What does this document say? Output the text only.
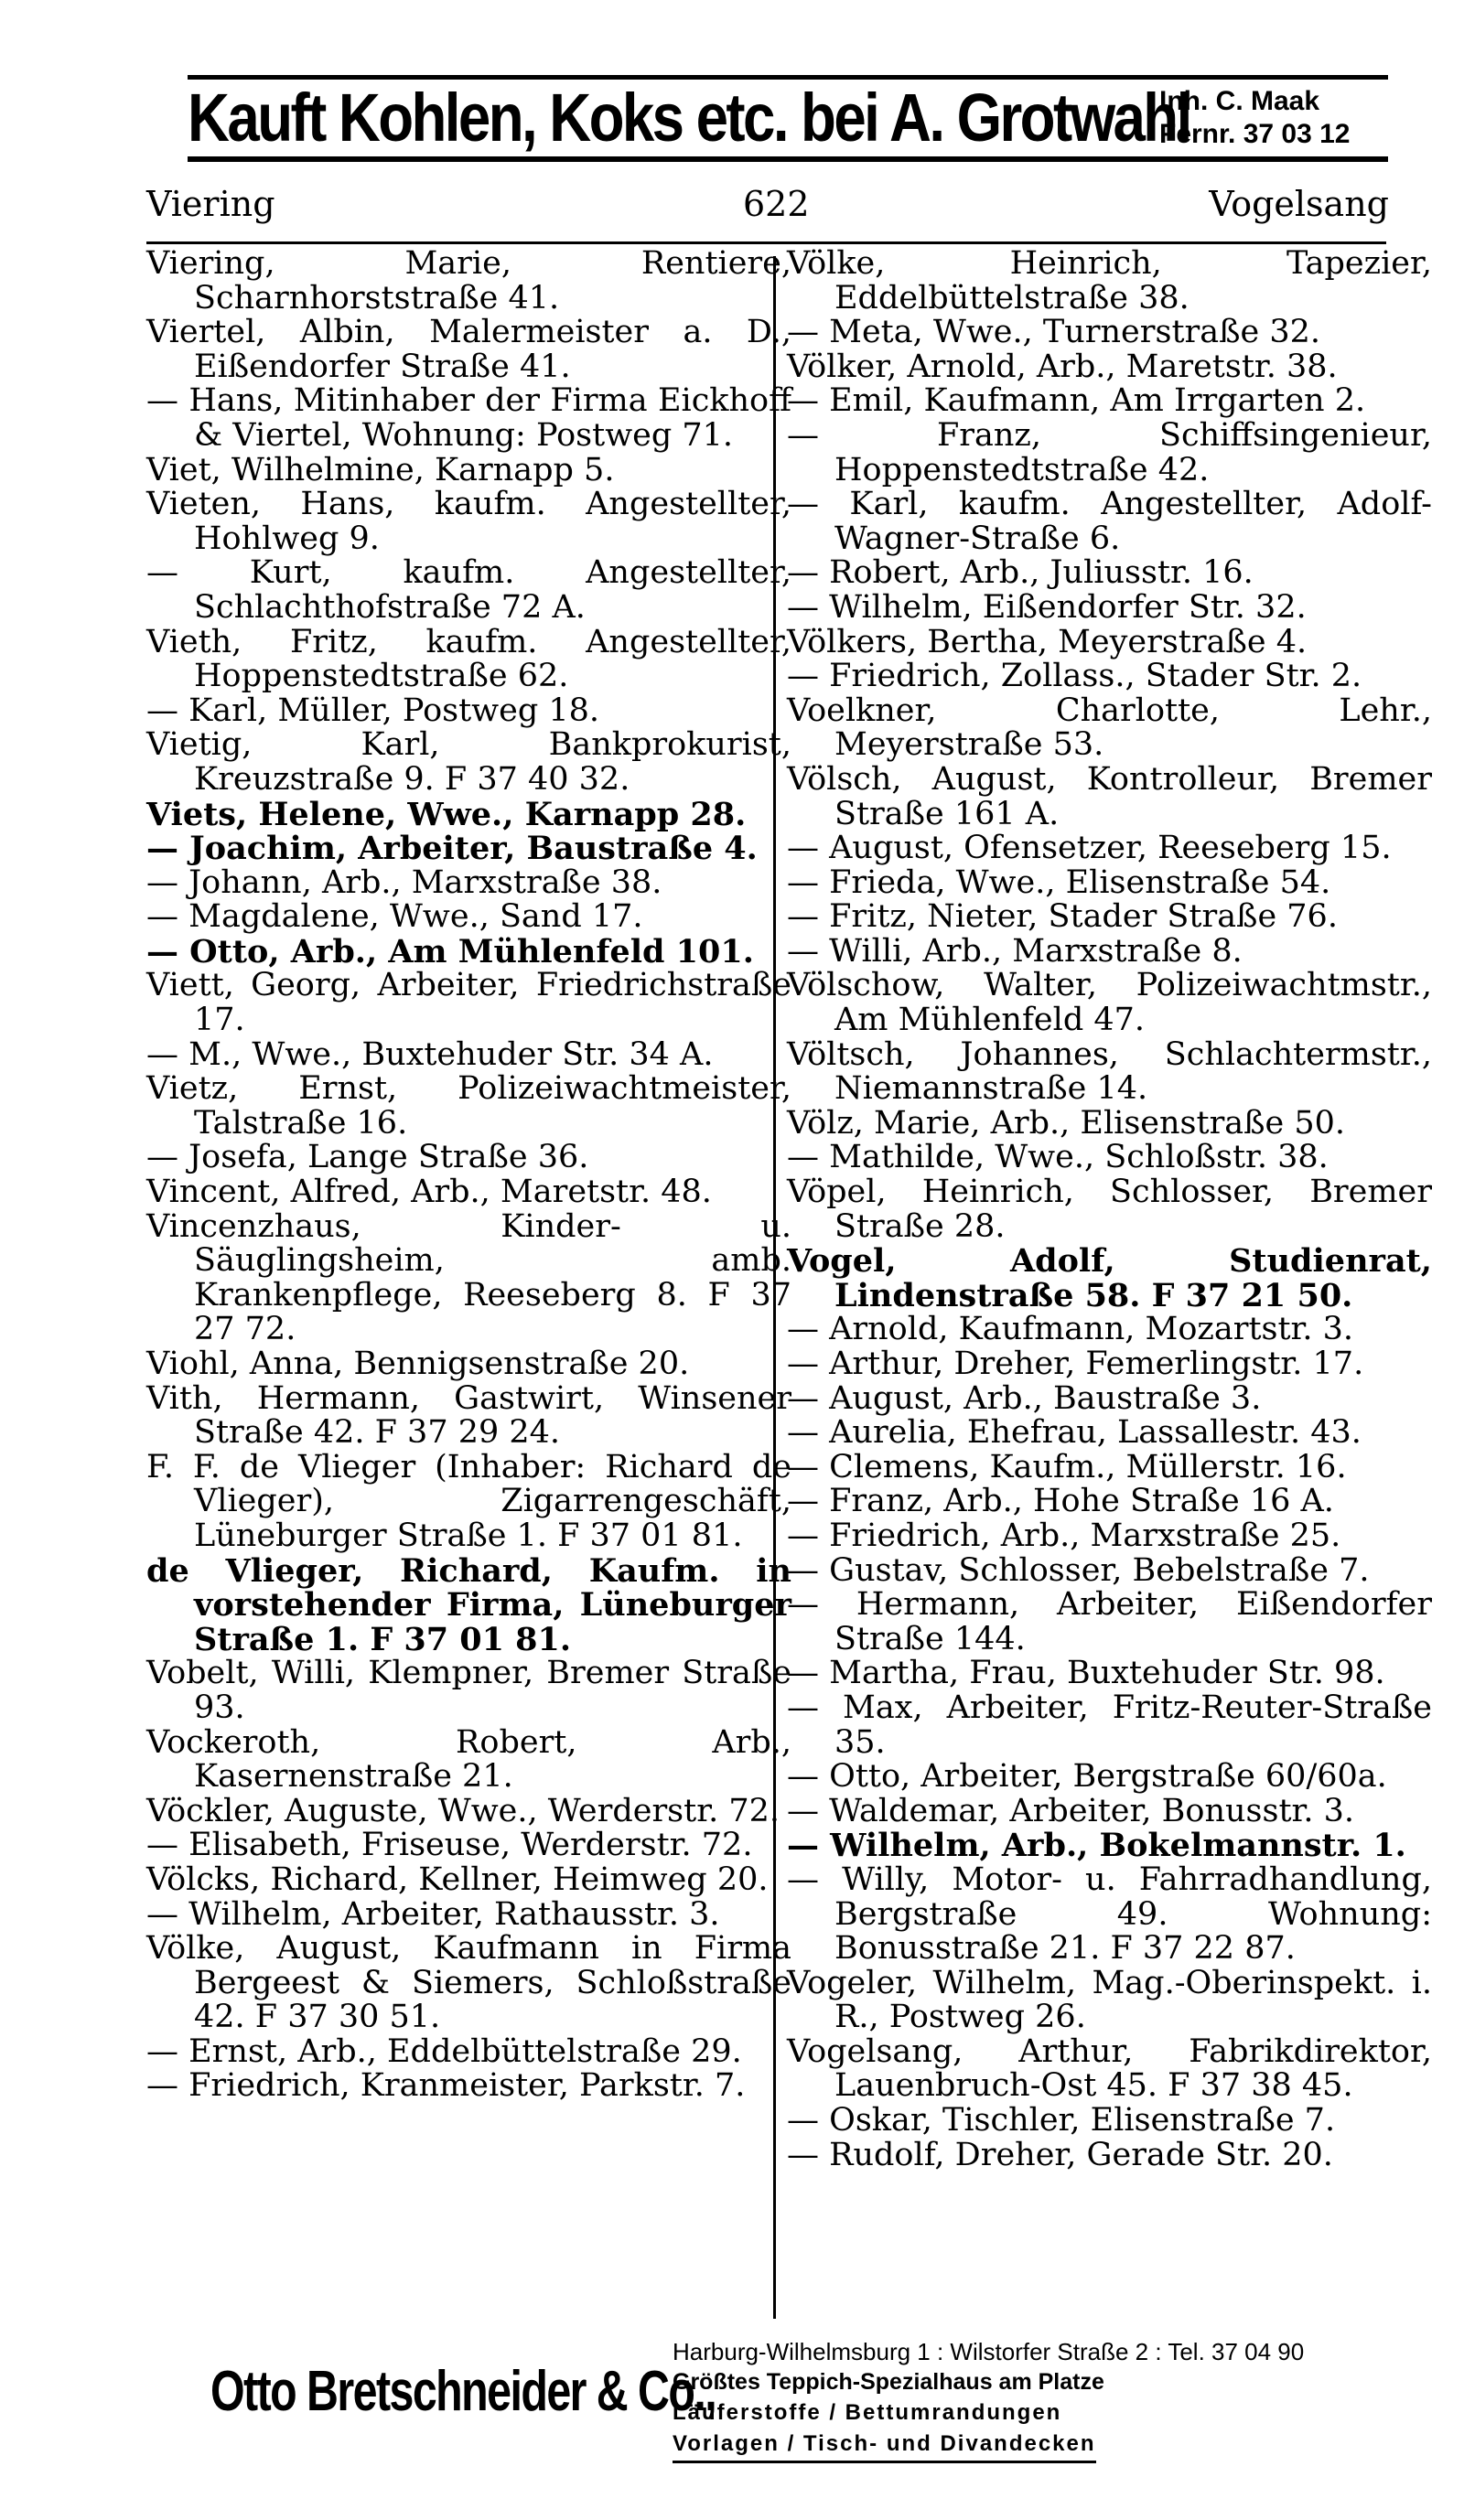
Kauft Kohlen, Koks etc. bei A. Grotwahl
Inh. C. Maak
Fernr. 37 03 12
Viering	622	Vogelsang
Viering, Marie, Rentiere, Scharnhorststraße 41.
Viertel, Albin, Malermeister a. D., Eißendorfer Straße 41.
— Hans, Mitinhaber der Firma Eickhoff & Viertel, Wohnung: Postweg 71.
Viet, Wilhelmine, Karnapp 5.
Vieten, Hans, kaufm. Angestellter, Hohlweg 9.
— Kurt, kaufm. Angestellter, Schlachthofstraße 72 A.
Vieth, Fritz, kaufm. Angestellter, Hoppenstedtstraße 62.
— Karl, Müller, Postweg 18.
Vietig, Karl, Bankprokurist, Kreuzstraße 9. F 37 40 32.
Viets, Helene, Wwe., Karnapp 28.
— Joachim, Arbeiter, Baustraße 4.
— Johann, Arb., Marxstraße 38.
— Magdalene, Wwe., Sand 17.
— Otto, Arb., Am Mühlenfeld 101.
Viett, Georg, Arbeiter, Friedrichstraße 17.
— M., Wwe., Buxtehuder Str. 34 A.
Vietz, Ernst, Polizeiwachtmeister, Talstraße 16.
— Josefa, Lange Straße 36.
Vincent, Alfred, Arb., Maretstr. 48.
Vincenzhaus, Kinder- u. Säuglingsheim, amb. Krankenpflege, Reeseberg 8. F 37 27 72.
Viohl, Anna, Bennigsenstraße 20.
Vith, Hermann, Gastwirt, Winsener Straße 42. F 37 29 24.
F. F. de Vlieger (Inhaber: Richard de Vlieger), Zigarrengeschäft, Lüneburger Straße 1. F 37 01 81.
de Vlieger, Richard, Kaufm. in vorstehender Firma, Lüneburger Straße 1. F 37 01 81.
Vobelt, Willi, Klempner, Bremer Straße 93.
Vockeroth, Robert, Arb., Kasernenstraße 21.
Vöckler, Auguste, Wwe., Werderstr. 72.
— Elisabeth, Friseuse, Werderstr. 72.
Völcks, Richard, Kellner, Heimweg 20.
— Wilhelm, Arbeiter, Rathausstr. 3.
Völke, August, Kaufmann in Firma Bergeest & Siemers, Schloßstraße 42. F 37 30 51.
— Ernst, Arb., Eddelbüttelstraße 29.
— Friedrich, Kranmeister, Parkstr. 7.
Völke, Heinrich, Tapezier, Eddelbüttelstraße 38.
— Meta, Wwe., Turnerstraße 32.
Völker, Arnold, Arb., Maretstr. 38.
— Emil, Kaufmann, Am Irrgarten 2.
— Franz, Schiffsingenieur, Hoppenstedtstraße 42.
— Karl, kaufm. Angestellter, Adolf-Wagner-Straße 6.
— Robert, Arb., Juliusstr. 16.
— Wilhelm, Eißendorfer Str. 32.
Völkers, Bertha, Meyerstraße 4.
— Friedrich, Zollass., Stader Str. 2.
Voelkner, Charlotte, Lehr., Meyerstraße 53.
Völsch, August, Kontrolleur, Bremer Straße 161 A.
— August, Ofensetzer, Reeseberg 15.
— Frieda, Wwe., Elisenstraße 54.
— Fritz, Nieter, Stader Straße 76.
— Willi, Arb., Marxstraße 8.
Völschow, Walter, Polizeiwachtmstr., Am Mühlenfeld 47.
Völtsch, Johannes, Schlachtermstr., Niemannstraße 14.
Völz, Marie, Arb., Elisenstraße 50.
— Mathilde, Wwe., Schloßstr. 38.
Vöpel, Heinrich, Schlosser, Bremer Straße 28.
Vogel, Adolf, Studienrat, Lindenstraße 58. F 37 21 50.
— Arnold, Kaufmann, Mozartstr. 3.
— Arthur, Dreher, Femerlingstr. 17.
— August, Arb., Baustraße 3.
— Aurelia, Ehefrau, Lassallestr. 43.
— Clemens, Kaufm., Müllerstr. 16.
— Franz, Arb., Hohe Straße 16 A.
— Friedrich, Arb., Marxstraße 25.
— Gustav, Schlosser, Bebelstraße 7.
— Hermann, Arbeiter, Eißendorfer Straße 144.
— Martha, Frau, Buxtehuder Str. 98.
— Max, Arbeiter, Fritz-Reuter-Straße 35.
— Otto, Arbeiter, Bergstraße 60/60a.
— Waldemar, Arbeiter, Bonusstr. 3.
— Wilhelm, Arb., Bokelmannstr. 1.
— Willy, Motor- u. Fahrradhandlung, Bergstraße 49. Wohnung: Bonusstraße 21. F 37 22 87.
Vogeler, Wilhelm, Mag.-Oberinspekt. i. R., Postweg 26.
Vogelsang, Arthur, Fabrikdirektor, Lauenbruch-Ost 45. F 37 38 45.
— Oskar, Tischler, Elisenstraße 7.
— Rudolf, Dreher, Gerade Str. 20.
Otto Bretschneider & Co.,
Harburg-Wilhelmsburg 1 : Wilstorfer Straße 2 : Tel. 37 04 90
Größtes Teppich-Spezialhaus am Platze
Läuferstoffe / Bettumrandungen
Vorlagen / Tisch- und Divandecken
